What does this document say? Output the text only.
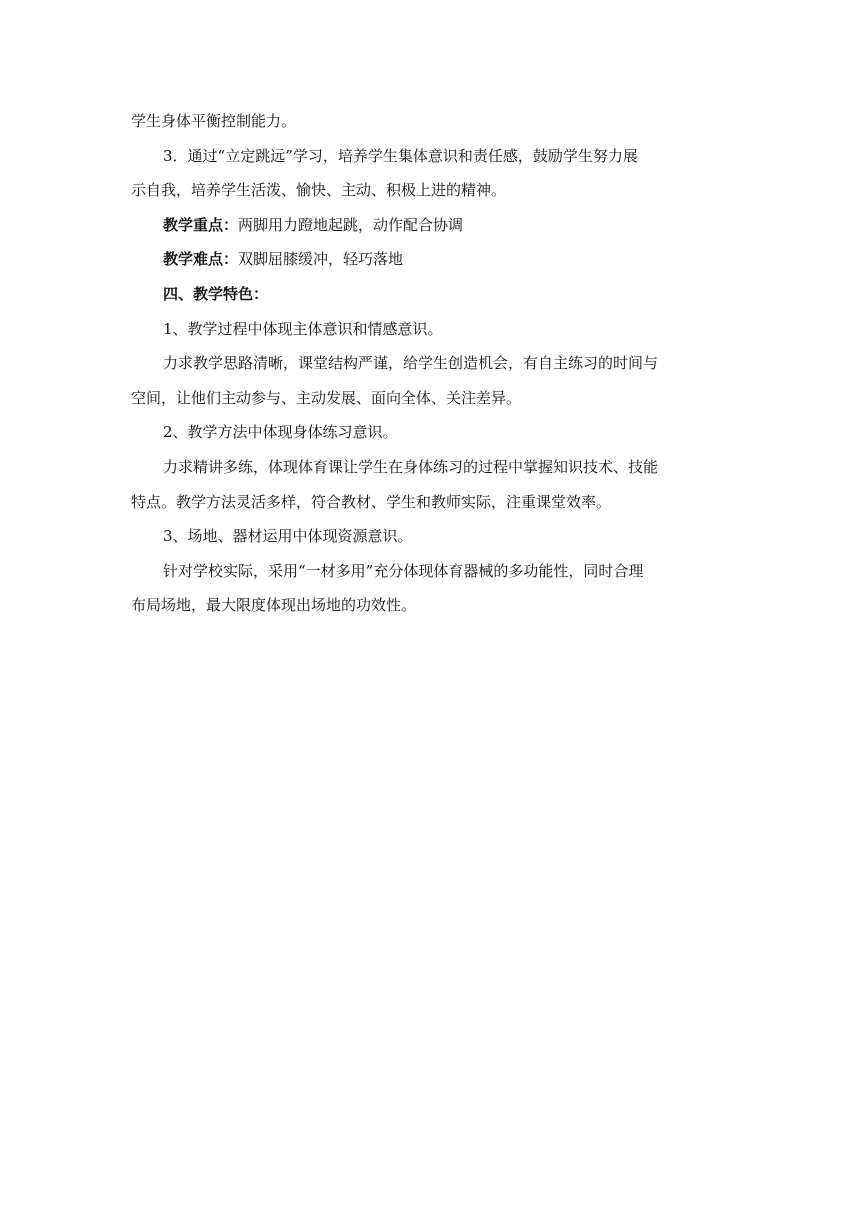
学生身体平衡控制能力。
3．通过“立定跳远”学习，培养学生集体意识和责任感，鼓励学生努力展
示自我，培养学生活泼、愉快、主动、积极上进的精神。
教学重点：两脚用力蹬地起跳，动作配合协调
教学难点：双脚屈膝缓冲，轻巧落地
四、教学特色：
1、教学过程中体现主体意识和情感意识。
力求教学思路清晰，课堂结构严谨，给学生创造机会，有自主练习的时间与
空间，让他们主动参与、主动发展、面向全体、关注差异。
2、教学方法中体现身体练习意识。
力求精讲多练，体现体育课让学生在身体练习的过程中掌握知识技术、技能
特点。教学方法灵活多样，符合教材、学生和教师实际，注重课堂效率。
3、场地、器材运用中体现资源意识。
针对学校实际，采用“一材多用”充分体现体育器械的多功能性，同时合理
布局场地，最大限度体现出场地的功效性。
